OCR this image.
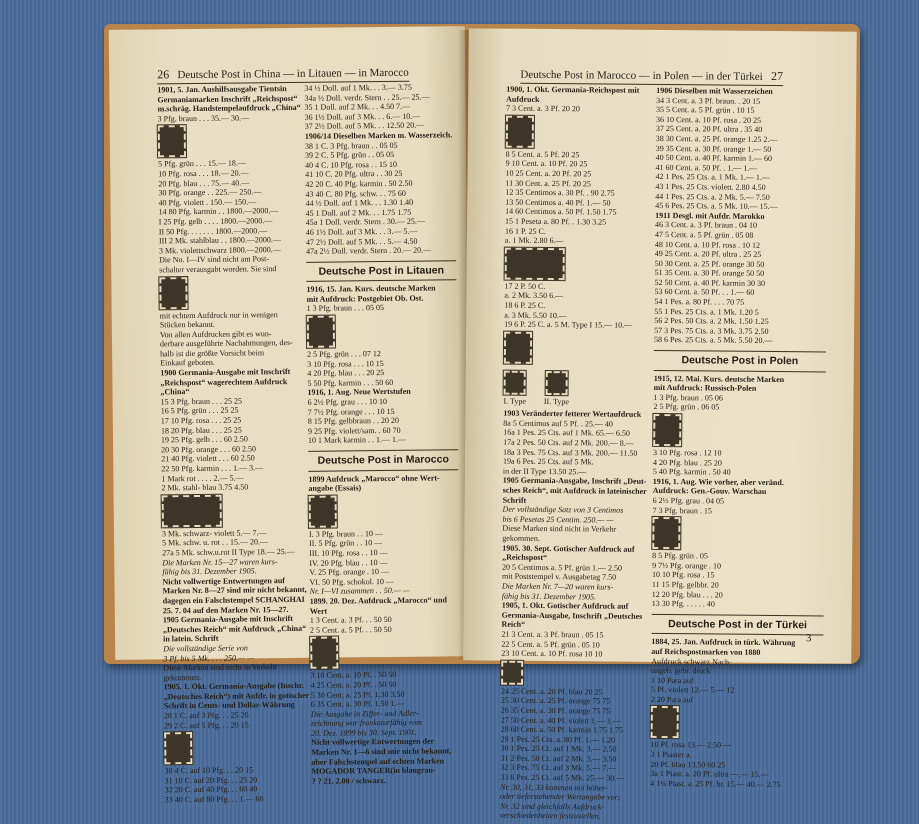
26 Deutsche Post in China — in Litauen — in Marocco
1901, 5. Jan. Aushilfsausgabe Tientsin
Germaniamarken Inschrift „Reichspost“
m.schräg. Handstempelaufdruck „China“
3 Pfg. braun . . . 35.— 30.—
5 Pfg. grün . . . 15.— 18.—
10 Pfg. rosa . . . 18.— 20.—
20 Pfg. blau . . . 75.— 40.—
30 Pfg. orange . . 225.— 250.—
40 Pfg. violett . 150.— 150.—
14 80 Pfg. karmin . . 1800.—2000.—
I 25 Pfg. gelb . . . . 1800.—2000.—
II 50 Pfg. . . . . . . 1800.—2000.—
III 2 Mk. stahlblau . . 1800.—2000.—
3 Mk. violettschwarz 1800.—2000.—
Die No. I—IV sind nicht am Post-
schalter verausgabt worden. Sie sind
mit echtem Aufdruck nur in wenigen
Stücken bekannt.
Von allen Aufdrucken gibt es wun-
derbare ausgeführte Nachahmungen, des-
halb ist die größte Vorsicht beim
Einkauf geboten.
1900 Germania-Ausgabe mit Inschrift
„Reichspost“ wagerechtem Aufdruck
„China“
15 3 Pfg. braun . . . 25 25
16 5 Pfg. grün . . . 25 25
17 10 Pfg. rosa . . . 25 25
18 20 Pfg. blau . . . 25 25
19 25 Pfg. gelb . . . 60 2.50
20 30 Pfg. orange . . . 60 2.50
21 40 Pfg. violett . . . 60 2.50
22 50 Pfg. karmin . . . 1.— 3.—
1 Mark rot . . . . 2.— 5.—
2 Mk. stahl- blau 3.75 4.50
3 Mk. schwarz- violett 5.— 7.—
5 Mk. schw. u. rot . . 15.— 20.—
27a 5 Mk. schw.u.rot II Type 18.— 25.—
Die Marken Nr. 15—27 waren kurs-
fähig bis 31. Dezember 1905.
Nicht vollwertige Entwertungen auf
Marken Nr. 8—27 sind mir nicht bekannt,
dagegen ein Falschstempel SCHANGHAI
25. 7. 04 auf den Marken Nr. 15—27.
1905 Germania-Ausgabe mit Inschrift
„Deutsches Reich“ mit Aufdruck „China“
in latein. Schrift
Die vollständige Serie von
3 Pf. bis 5 Mk. . . . 250.— —
Diese Marken sind nicht in Verkehr
gekommen.
1905. 1. Okt. Germania-Ausgabe (Inschr.
„Deutsches Reich“) mit Aufdr. in gotischer
Schrift in Cents- und Dollar-Währung
28 1 C. auf 3 Pfg. . . 25 20
29 2 C. auf 5 Pfg. . . 20 15
30 4 C. auf 10 Pfg. . . 20 15
31 10 C. auf 20 Pfg. . . 25 20
32 20 C. auf 40 Pfg. . . 60 40
33 40 C. auf 80 Pfg. . . 1.— 60
34 ½ Doll. auf 1 Mk. . . 3.— 3.75
34a ½ Doll. verdr. Stern . . 25.— 25.—
35 1 Doll. auf 2 Mk. . . 4.50 7.—
36 1½ Doll. auf 3 Mk. . . 6.— 10.—
37 2½ Doll. auf 5 Mk. . . 12.50 20.—
1906/14 Dieselben Marken m. Wasserzeich.
38 1 C. 3 Pfg. braun . . 05 05
39 2 C. 5 Pfg. grün . . 05 05
40 4 C. 10 Pfg. rosa . . 15 10
41 10 C. 20 Pfg. ultra . . 30 25
42 20 C. 40 Pfg. karmin . 50 2.50
43 40 C. 80 Pfg. schw. . . 75 60
44 ½ Doll. auf 1 Mk. . . 1.30 1.40
45 1 Doll. auf 2 Mk. . . 1.75 1.75
45a 1 Doll. verdr. Stern . 30.— 25.—
46 1½ Doll. auf 3 Mk. . . 3.— 5.—
47 2½ Doll. auf 5 Mk. . . 5.— 4.50
47a 2½ Doll. verdr. Stern . 20.— 20.—
Deutsche Post in Litauen
1916, 15. Jan. Kurs. deutsche Marken
mit Aufdruck: Postgebiet Ob. Ost.
1 3 Pfg. braun . . . 05 05
2 5 Pfg. grün . . . 07 12
3 10 Pfg. rosa . . . 10 15
4 20 Pfg. blau . . . 20 25
5 50 Pfg. karmin . . . 50 60
1916, 1. Aug. Neue Wertstufen
6 2½ Pfg. grau . . . 10 10
7 7½ Pfg. orange . . . 10 15
8 15 Pfg. gelbbraun . . 20 20
9 25 Pfg. violett/sam. . 60 70
10 1 Mark karmin . . 1.— 1.—
Deutsche Post in Marocco
1899 Aufdruck „Marocco“ ohne Wert-
angabe (Essais)
I. 3 Pfg. braun . . 10 —
II. 5 Pfg. grün . . 10 —
III. 10 Pfg. rosa . . 10 —
IV. 20 Pfg. blau . . 10 —
V. 25 Pfg. orange . 10 —
VI. 50 Pfg. schokol. 10 —
Nr. I—VI zusammen . . 50.— —
1899. 20. Dez. Aufdruck „Marocco“ und
Wert
1 3 Cent. a. 3 Pf. . . 50 50
2 5 Cent. a. 5 Pf. . . 50 50
3 10 Cent. a. 10 Pf. . 50 50
4 25 Cent. a. 20 Pf. . 50 50
5 30 Cent. a. 25 Pf. 1.30 3.50
6 35 Cent. a. 30 Pf. 1.50 1.—
Die Ausgabe in Ziffer- und Adler-
zeichnung war frankaturfähig vom
20. Dez. 1899 bis 30. Sept. 1901.
Nicht vollwertige Entwertungen der
Marken Nr. 1—6 sind mir nicht bekannt,
aber Falschstempel auf echten Marken
MOGADOR TANGER(in blaugrau-
? ? 21. 2.00 / schwarz.
Deutsche Post in Marocco — in Polen — in der Türkei 27
1900, 1. Okt. Germania-Reichspost mit
Aufdruck
7 3 Cent. a. 3 Pf. 20 20
8 5 Cent. a. 5 Pf. 20 25
9 10 Cent. a. 10 Pf. 20 25
10 25 Cent. a. 20 Pf. 20 25
11 30 Cent. a. 25 Pf. 20 25
12 35 Centimos a. 30 Pf. . 90 2.75
13 50 Centimos a. 40 Pf. 1.— 50
14 60 Centimos a. 50 Pf. 1.50 1.75
15 1 Peseta a. 80 Pf. . 1.30 3.25
16 1 P. 25 C.
a. 1 Mk. 2.80 6.—
17 2 P. 50 C.
a. 2 Mk. 3.50 6.—
18 6 P. 25 C.
a. 3 Mk. 5.50 10.—
19 6 P. 25 C. a. 5 M. Type I 15.— 10.—
I. Type II. Type
1903 Veränderter fetterer Wertaufdruck
8a 5 Centimos auf 5 Pf. . 25.— 40
16a 1 Pes. 25 Cts. auf 1 Mk. 65.— 6.50
17a 2 Pes. 50 Cts. auf 2 Mk. 200.— 8.—
18a 3 Pes. 75 Cts. auf 3 Mk. 200.— 11.50
19a 6 Pes. 25 Cts. auf 5 Mk.
in der II Type 13.50 25.—
1905 Germania-Ausgabe, Inschrift „Deut-
sches Reich“, mit Aufdruck in lateinischer
Schrift
Der vollständige Satz von 3 Centimos
bis 6 Pesetas 25 Centim. 250.— —
Diese Marken sind nicht in Verkehr
gekommen.
1905. 30. Sept. Gotischer Aufdruck auf
„Reichspost“
20 5 Centimos a. 5 Pf. grün 1.— 2.50
mit Poststempel v. Ausgabetag 7.50
Die Marken Nr. 7—20 waren kurs-
fähig bis 31. Dezember 1905.
1905, 1. Okt. Gotischer Aufdruck auf
Germania-Ausgabe, Inschrift „Deutsches
Reich“
21 3 Cent. a. 3 Pf. braun . 05 15
22 5 Cent. a. 5 Pf. grün . 05 10
23 10 Cent. a. 10 Pf. rosa 10 10
24 25 Cent. a. 20 Pf. blau 20 25
25 30 Cent. a. 25 Pf. orange 75 75
26 35 Cent. a. 30 Pf. orange 75 75
27 50 Cent. a. 40 Pf. violett 1.— 1.—
28 60 Cent. a. 50 Pf. karmin 1.75 1.75
29 1 Pes. 25 Cts. a. 80 Pf. 1.— 1.20
30 1 Pes. 25 Ct. auf 1 Mk. 3.— 2.50
31 2 Pes. 50 Ct. auf 2 Mk. 3.— 3.50
32 3 Pes. 75 Ct. auf 3 Mk. 5.— 7.—
33 6 Pes. 25 Ct. auf 5 Mk. 25.— 30.—
Nr. 30, 31, 33 kommen mit höher-
oder tieferstehender Wertangabe vor;
Nr. 32 sind gleichfalls Aufdruck-
verschiedenheiten festzustellen.
1906 Dieselben mit Wasserzeichen
34 3 Cent. a. 3 Pf. braun. . 20 15
35 5 Cent. a. 5 Pf. grün . 10 15
36 10 Cent. a. 10 Pf. rosa . 20 25
37 25 Cent. a. 20 Pf. ultra . 35 40
38 30 Cent. a. 25 Pf. orange 1.25 2.—
39 35 Cent. a. 30 Pf. orange 1.— 50
40 50 Cent. a. 40 Pf. karmin 1.— 60
41 60 Cent. a. 50 Pf. . 1.— 1.—
42 1 Pes. 25 Cts. a. 1 Mk. 1.— 1.—
43 1 Pes. 25 Cts. violett. 2.80 4.50
44 1 Pes. 25 Cts. a. 2 Mk. 5.— 7.50
45 6 Pes. 25 Cts. a. 5 Mk. 10.— 15.—
1911 Desgl. mit Aufdr. Marokko
46 3 Cent. a. 3 Pf. braun . 04 10
47 5 Cent. a. 5 Pf. grün . 05 08
48 10 Cent. a. 10 Pf. rosa . 10 12
49 25 Cent. a. 20 Pf. ultra . 25 25
50 30 Cent. a. 25 Pf. orange 30 50
51 35 Cent. a. 30 Pf. orange 50 50
52 50 Cent. a. 40 Pf. karmin 30 30
53 60 Cent. a. 50 Pf. . . 1.— 60
54 1 Pes. a. 80 Pf. . . . 70 75
55 1 Pes. 25 Cts. a. 1 Mk. 1.20 5
56 2 Pes. 50 Cts. a. 2 Mk. 1.50 1.25
57 3 Pes. 75 Cts. a. 3 Mk. 3.75 2.50
58 6 Pes. 25 Cts. a. 5 Mk. 5.50 20.—
Deutsche Post in Polen
1915, 12. Mai. Kurs. deutsche Marken
mit Aufdruck: Russisch-Polen
1 3 Pfg. braun . 05 06
2 5 Pfg. grün . 06 05
3 10 Pfg. rosa . 12 10
4 20 Pfg. blau . 25 20
5 40 Pfg. karmin . 50 40
1916, 1. Aug. Wie vorher, aber veränd.
Aufdruck: Gen.-Gouv. Warschau
6 2½ Pfg. grau . 04 05
7 3 Pfg. braun . 15
8 5 Pfg. grün . 05
9 7½ Pfg. orange . 10
10 10 Pfg. rosa . 15
11 15 Pfg. gelbbr. 20
12 20 Pfg. blau . . . 20
13 30 Pfg. . . . . . 40
Deutsche Post in der Türkei
1884, 25. Jan. Aufdruck in türk. Währung
auf Reichspostmarken von 1880
Aufdruck schwarz Nach-
ungeb. gebr. druck
1 10 Para auf
5 Pf. violett 12.— 5.— 12
2 20 Para auf
10 Pf. rosa 13.— 2.50 —
3 1 Piaster a.
20 Pf. blau 13.50 60 25
3a 1 Piast. a. 20 Pf. ultra —.— 15.—
4 1¼ Piast. a. 25 Pf. br. 15.— 40.— 2.75
3
